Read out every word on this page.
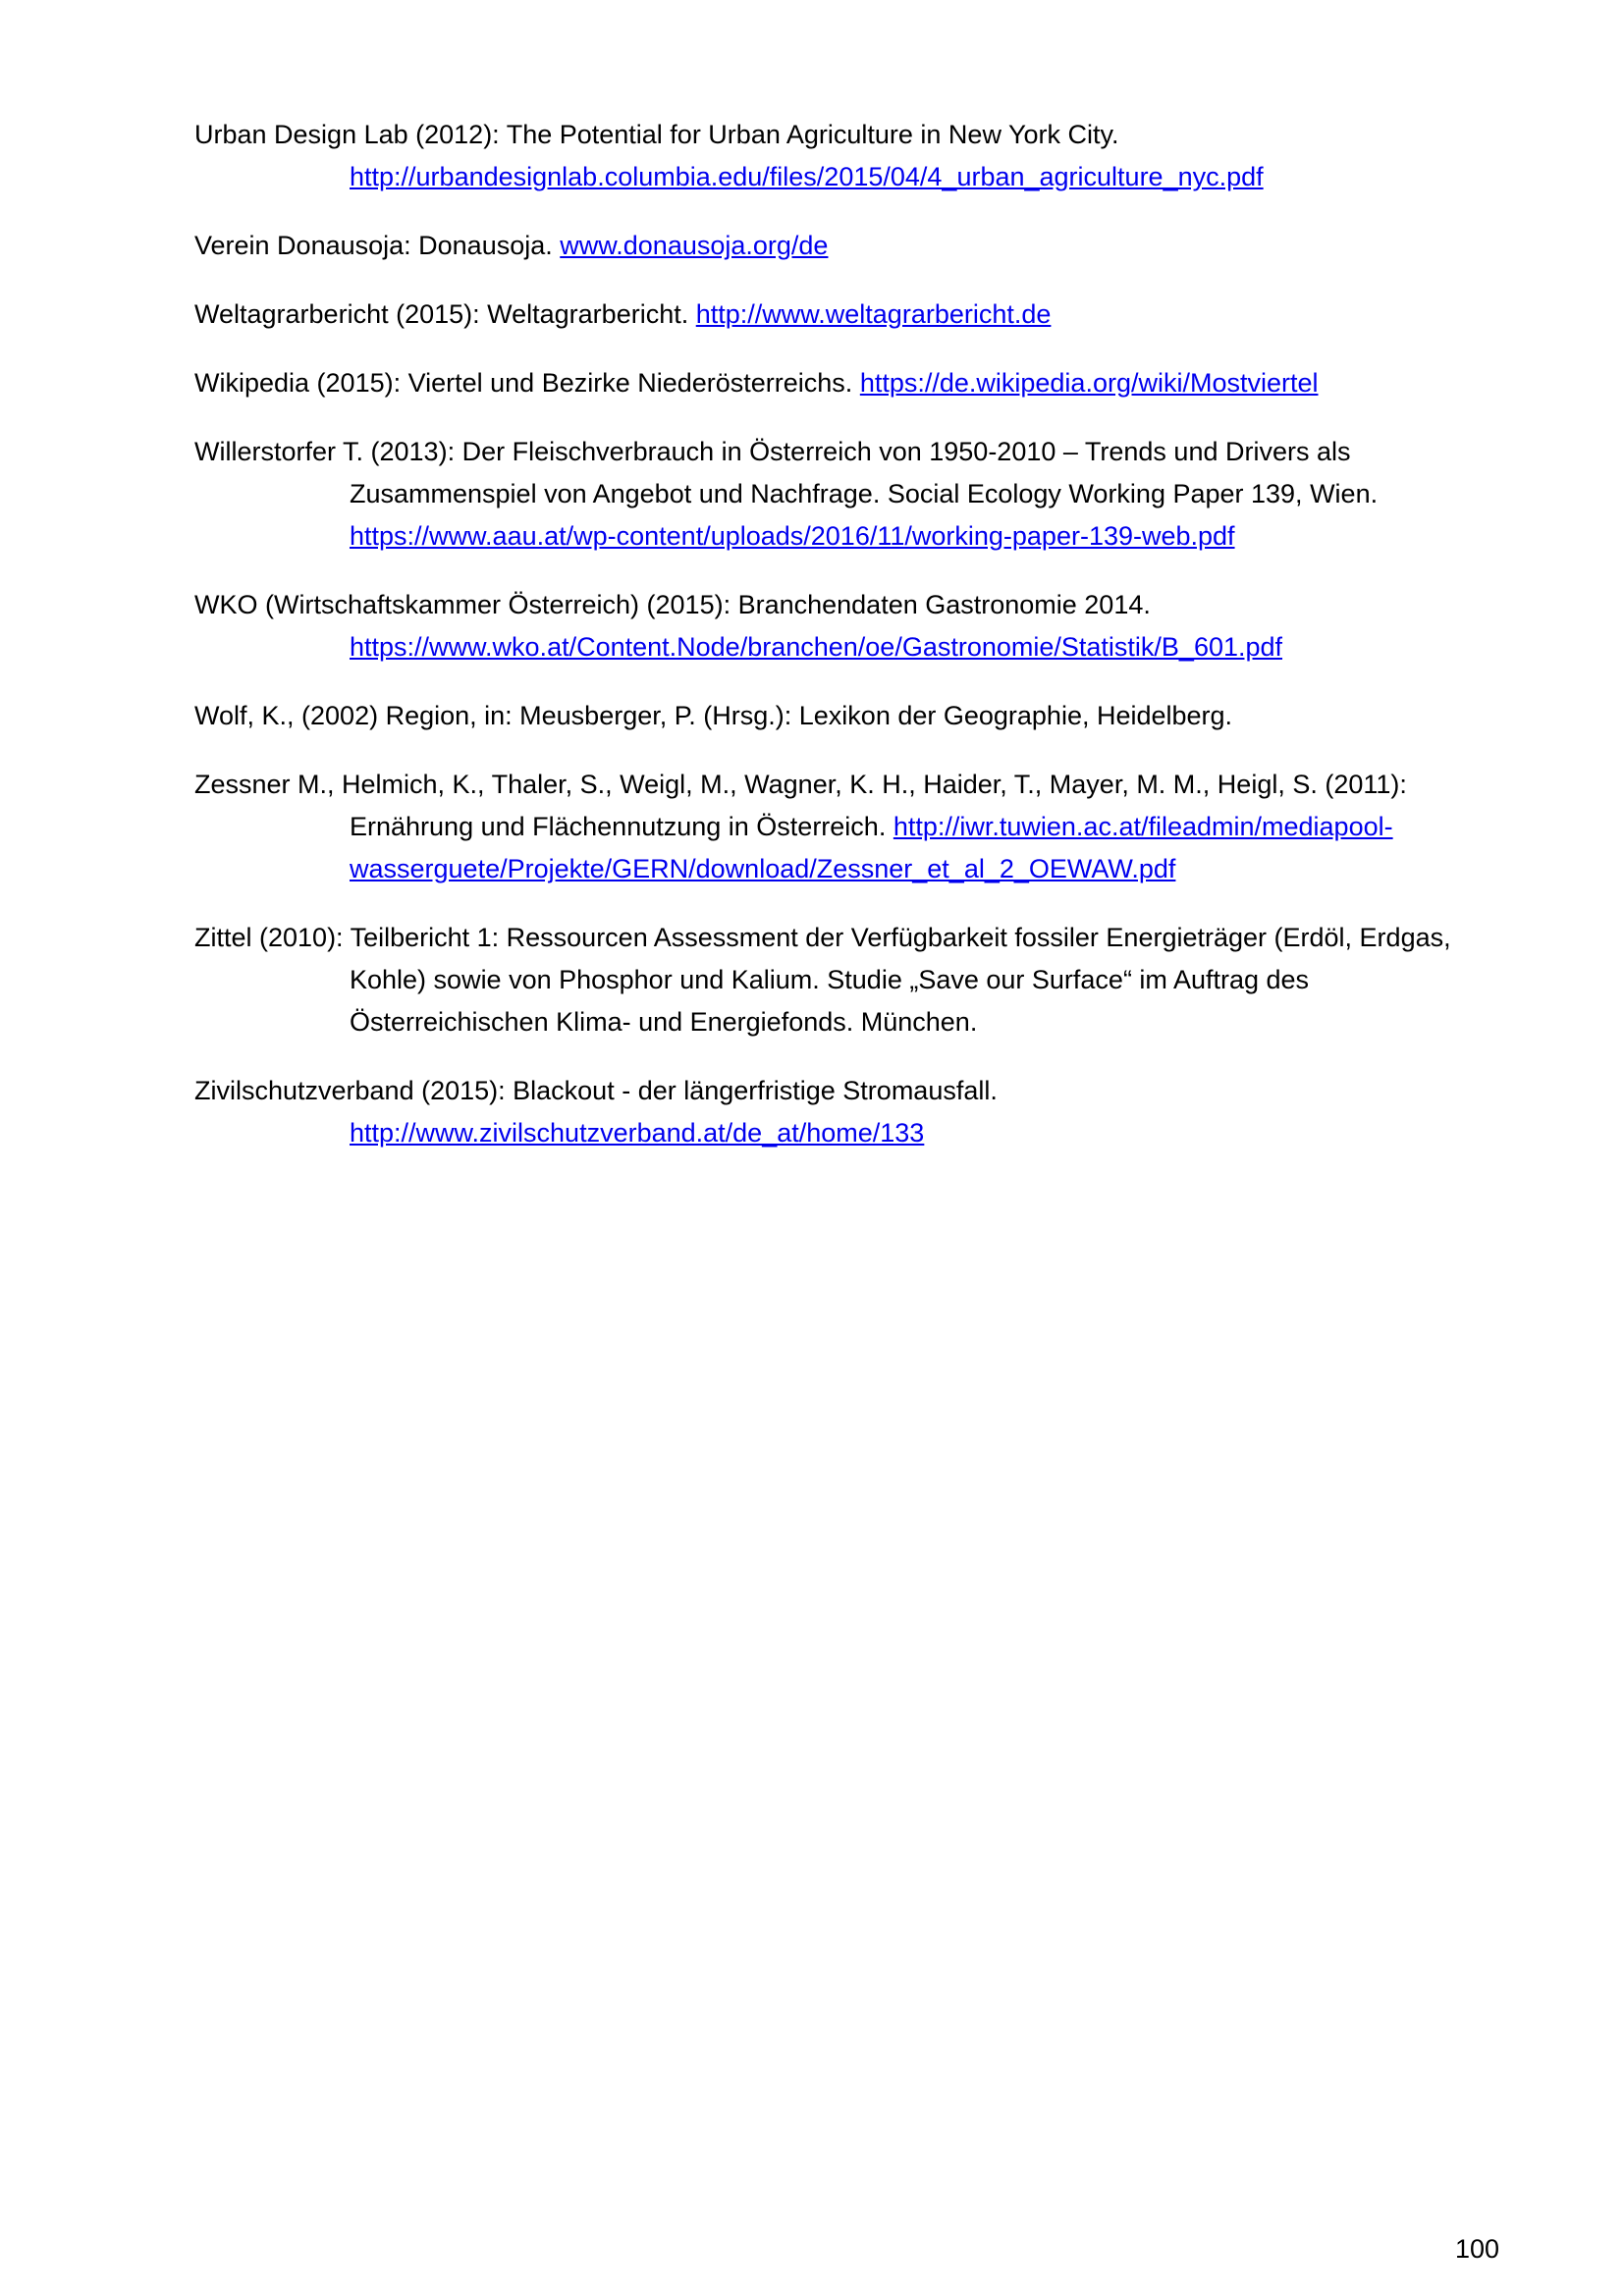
Urban Design Lab (2012): The Potential for Urban Agriculture in New York City. http://urbandesignlab.columbia.edu/files/2015/04/4_urban_agriculture_nyc.pdf

Verein Donausoja: Donausoja. www.donausoja.org/de

Weltagrarbericht (2015): Weltagrarbericht. http://www.weltagrarbericht.de

Wikipedia (2015): Viertel und Bezirke Niederösterreichs. https://de.wikipedia.org/wiki/Mostviertel

Willerstorfer T. (2013): Der Fleischverbrauch in Österreich von 1950-2010 – Trends und Drivers als Zusammenspiel von Angebot und Nachfrage. Social Ecology Working Paper 139, Wien. https://www.aau.at/wp-content/uploads/2016/11/working-paper-139-web.pdf

WKO (Wirtschaftskammer Österreich) (2015): Branchendaten Gastronomie 2014. https://www.wko.at/Content.Node/branchen/oe/Gastronomie/Statistik/B_601.pdf

Wolf, K., (2002) Region, in: Meusberger, P. (Hrsg.): Lexikon der Geographie, Heidelberg.

Zessner M., Helmich, K., Thaler, S., Weigl, M., Wagner, K. H., Haider, T., Mayer, M. M., Heigl, S. (2011): Ernährung und Flächennutzung in Österreich. http://iwr.tuwien.ac.at/fileadmin/mediapool-wasserguete/Projekte/GERN/download/Zessner_et_al_2_OEWAW.pdf

Zittel (2010): Teilbericht 1: Ressourcen Assessment der Verfügbarkeit fossiler Energieträger (Erdöl, Erdgas, Kohle) sowie von Phosphor und Kalium. Studie „Save our Surface“ im Auftrag des Österreichischen Klima- und Energiefonds. München.

Zivilschutzverband (2015): Blackout - der längerfristige Stromausfall. http://www.zivilschutzverband.at/de_at/home/133

100
